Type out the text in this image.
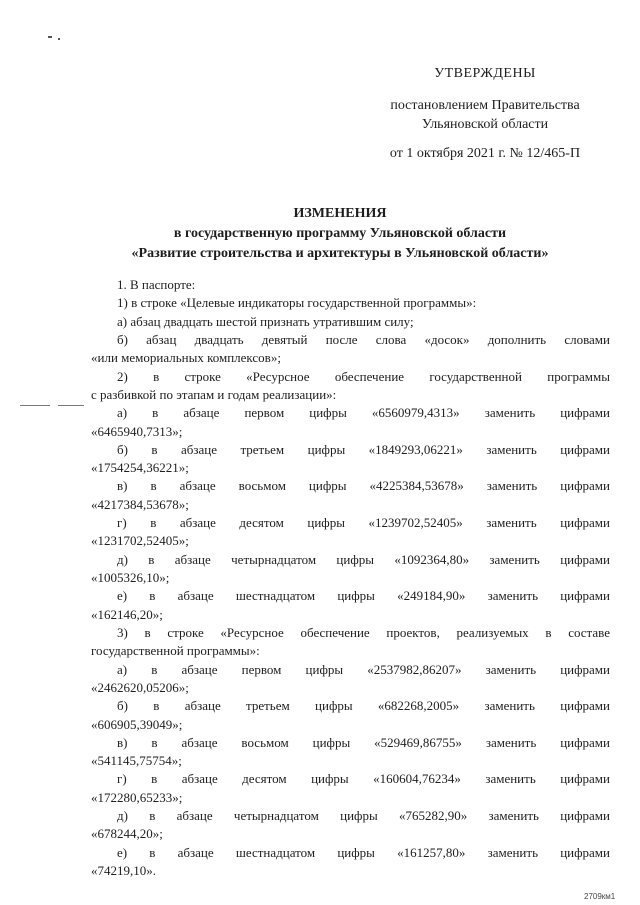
УТВЕРЖДЕНЫ
постановлением Правительства
Ульяновской области
от 1 октября 2021 г. № 12/465-П
ИЗМЕНЕНИЯ
в государственную программу Ульяновской области
«Развитие строительства и архитектуры в Ульяновской области»
2709км1
1. В паспорте:
1) в строке «Целевые индикаторы государственной программы»:
а) абзац двадцать шестой признать утратившим силу;
б) абзац двадцать девятый после слова «досок» дополнить словами
«или мемориальных комплексов»;
2) в строке «Ресурсное обеспечение государственной программы
с разбивкой по этапам и годам реализации»:
а) в абзаце первом цифры «6560979,4313» заменить цифрами
«6465940,7313»;
б) в абзаце третьем цифры «1849293,06221» заменить цифрами
«1754254,36221»;
в) в абзаце восьмом цифры «4225384,53678» заменить цифрами
«4217384,53678»;
г) в абзаце десятом цифры «1239702,52405» заменить цифрами
«1231702,52405»;
д) в абзаце четырнадцатом цифры «1092364,80» заменить цифрами
«1005326,10»;
е) в абзаце шестнадцатом цифры «249184,90» заменить цифрами
«162146,20»;
3) в строке «Ресурсное обеспечение проектов, реализуемых в составе
государственной программы»:
а) в абзаце первом цифры «2537982,86207» заменить цифрами
«2462620,05206»;
б) в абзаце третьем цифры «682268,2005» заменить цифрами
«606905,39049»;
в) в абзаце восьмом цифры «529469,86755» заменить цифрами
«541145,75754»;
г) в абзаце десятом цифры «160604,76234» заменить цифрами
«172280,65233»;
д) в абзаце четырнадцатом цифры «765282,90» заменить цифрами
«678244,20»;
е) в абзаце шестнадцатом цифры «161257,80» заменить цифрами
«74219,10».
